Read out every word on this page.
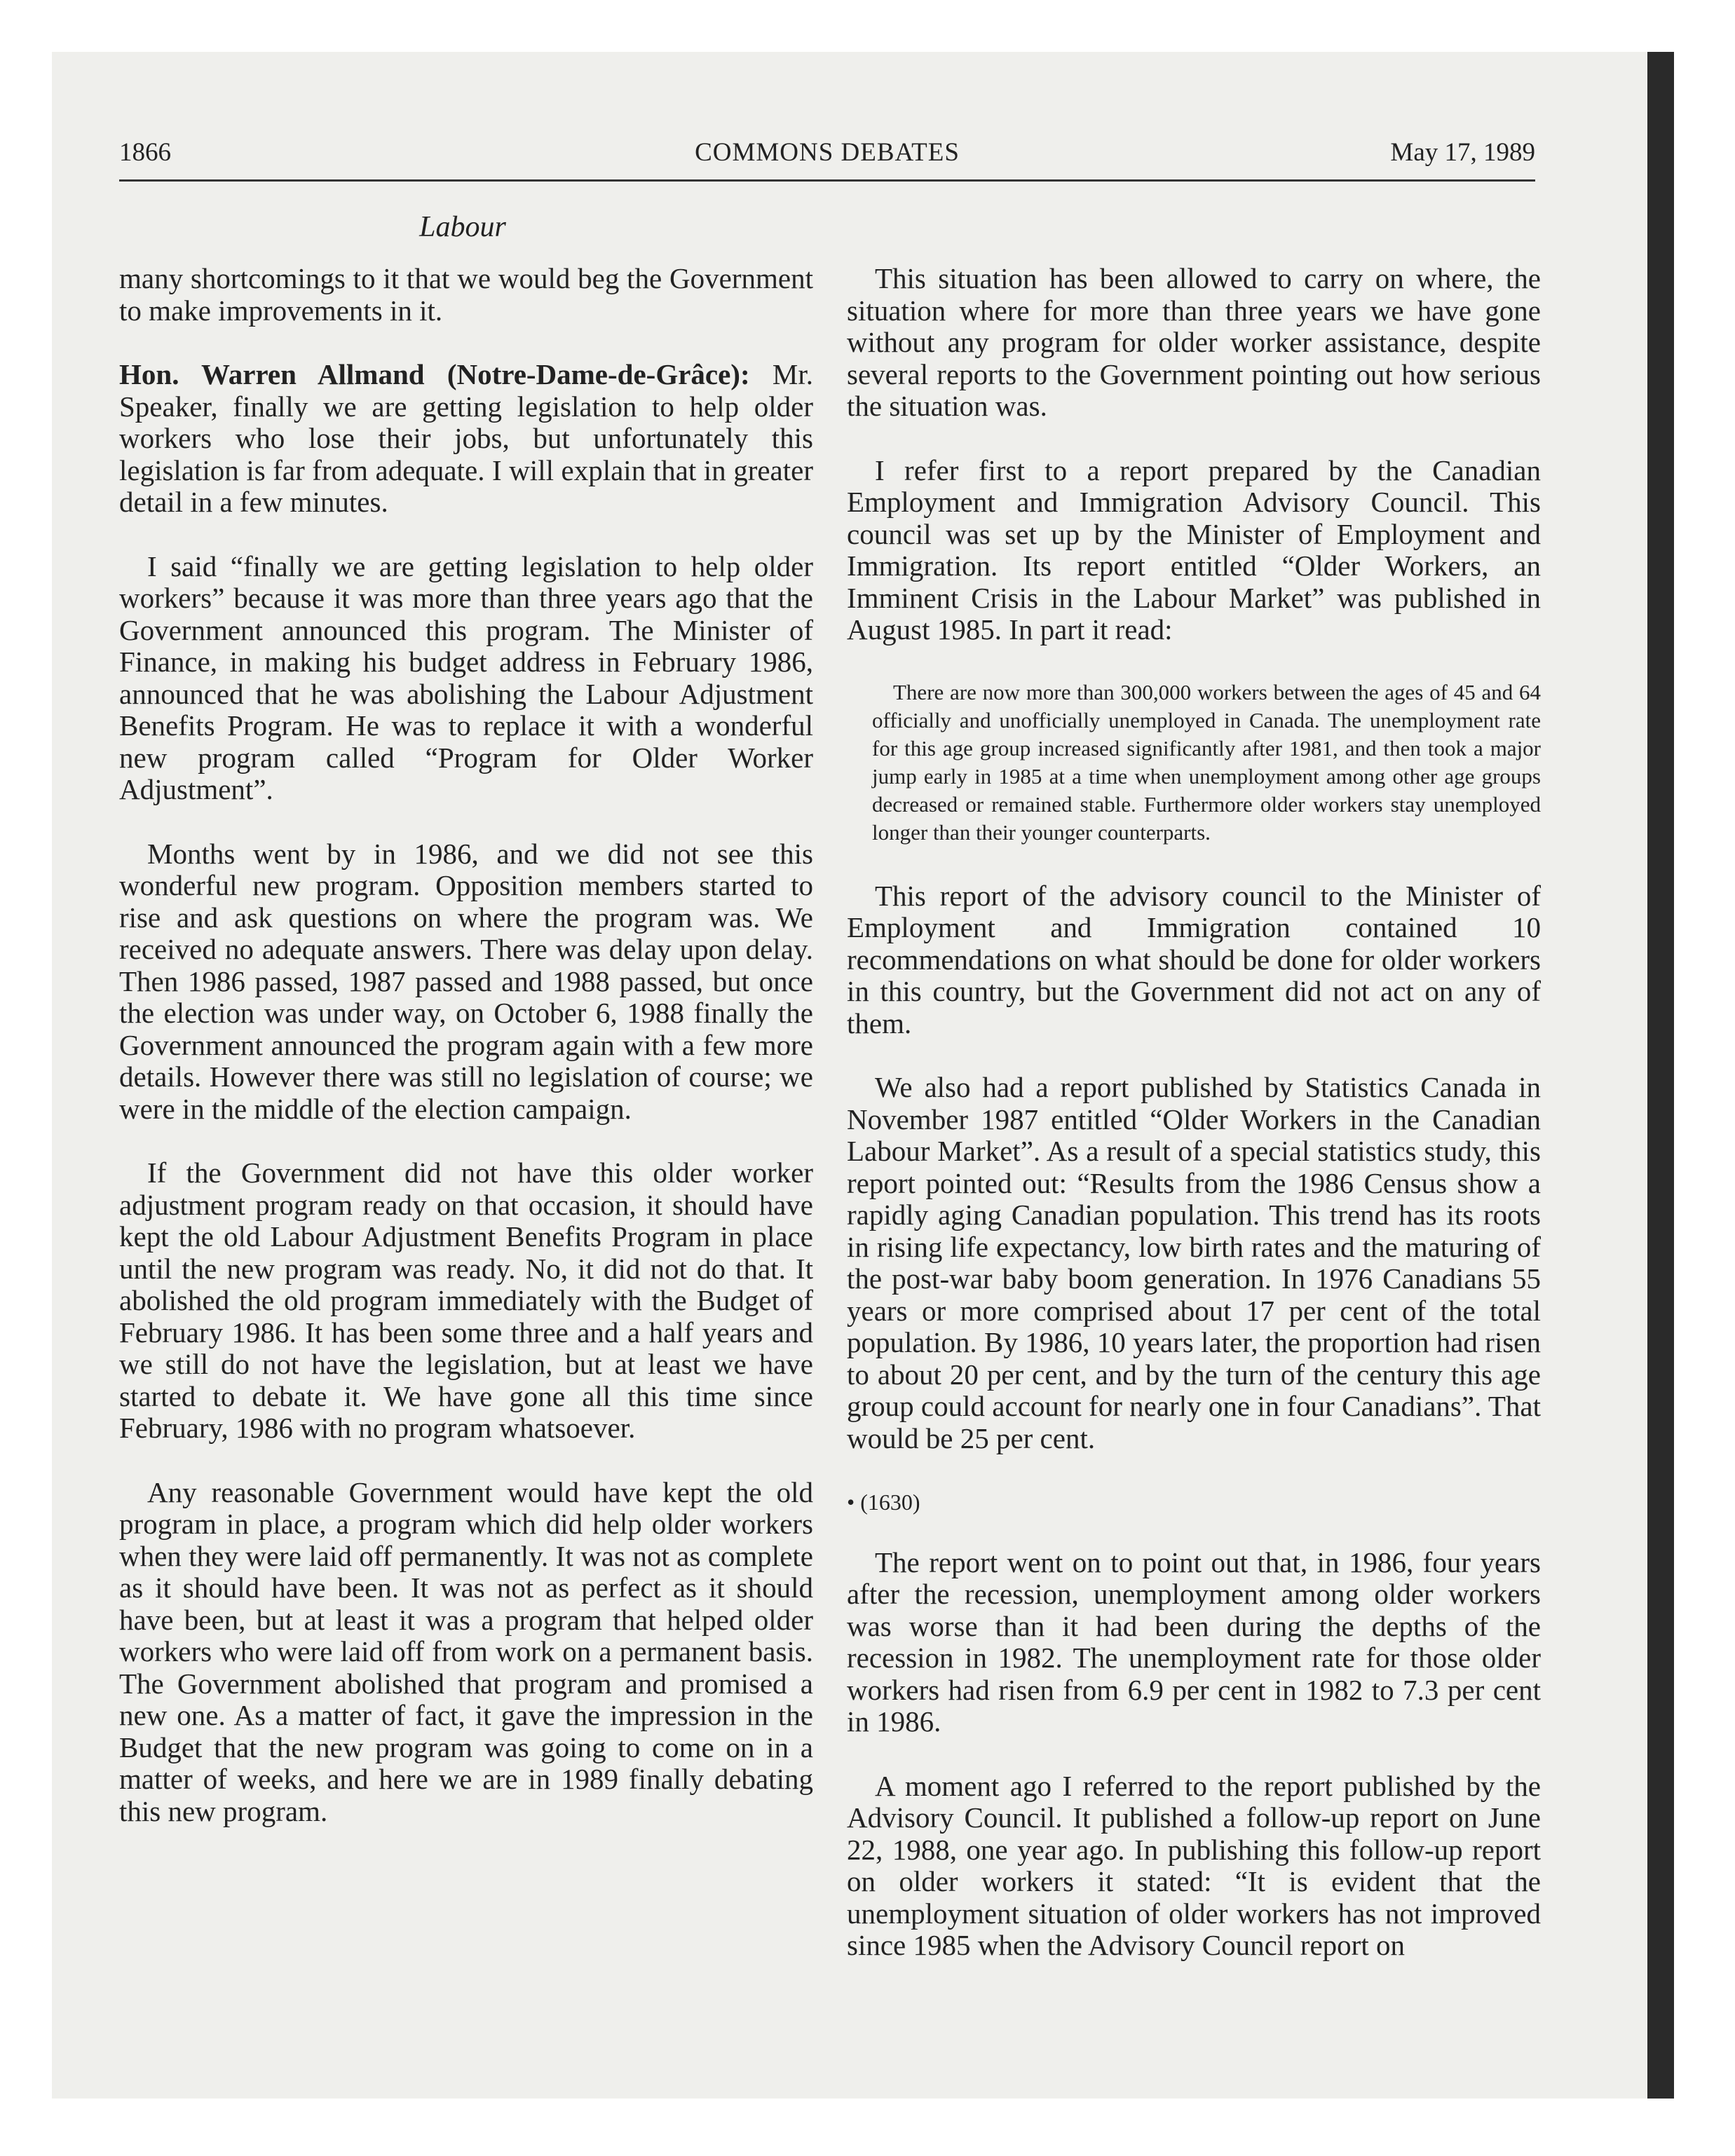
1866	COMMONS DEBATES	May 17, 1989
Labour

many shortcomings to it that we would beg the Government to make improvements in it.

Hon. Warren Allmand (Notre-Dame-de-Grâce): Mr. Speaker, finally we are getting legislation to help older workers who lose their jobs, but unfortunately this legislation is far from adequate. I will explain that in greater detail in a few minutes.

I said “finally we are getting legislation to help older workers” because it was more than three years ago that the Government announced this program. The Minister of Finance, in making his budget address in February 1986, announced that he was abolishing the Labour Adjustment Benefits Program. He was to replace it with a wonderful new program called “Program for Older Worker Adjustment”.

Months went by in 1986, and we did not see this wonderful new program. Opposition members started to rise and ask questions on where the program was. We received no adequate answers. There was delay upon delay. Then 1986 passed, 1987 passed and 1988 passed, but once the election was under way, on October 6, 1988 finally the Government announced the program again with a few more details. However there was still no legislation of course; we were in the middle of the election campaign.

If the Government did not have this older worker adjustment program ready on that occasion, it should have kept the old Labour Adjustment Benefits Program in place until the new program was ready. No, it did not do that. It abolished the old program immediately with the Budget of February 1986. It has been some three and a half years and we still do not have the legislation, but at least we have started to debate it. We have gone all this time since February, 1986 with no program whatsoever.

Any reasonable Government would have kept the old program in place, a program which did help older workers when they were laid off permanently. It was not as complete as it should have been. It was not as perfect as it should have been, but at least it was a program that helped older workers who were laid off from work on a permanent basis. The Government abolished that program and promised a new one. As a matter of fact, it gave the impression in the Budget that the new program was going to come on in a matter of weeks, and here we are in 1989 finally debating this new program.

This situation has been allowed to carry on where, the situation where for more than three years we have gone without any program for older worker assistance, despite several reports to the Government pointing out how serious the situation was.

I refer first to a report prepared by the Canadian Employment and Immigration Advisory Council. This council was set up by the Minister of Employment and Immigration. Its report entitled “Older Workers, an Imminent Crisis in the Labour Market” was published in August 1985. In part it read:

There are now more than 300,000 workers between the ages of 45 and 64 officially and unofficially unemployed in Canada. The unemployment rate for this age group increased significantly after 1981, and then took a major jump early in 1985 at a time when unemployment among other age groups decreased or remained stable. Furthermore older workers stay unemployed longer than their younger counterparts.

This report of the advisory council to the Minister of Employment and Immigration contained 10 recommendations on what should be done for older workers in this country, but the Government did not act on any of them.

We also had a report published by Statistics Canada in November 1987 entitled “Older Workers in the Canadian Labour Market”. As a result of a special statistics study, this report pointed out: “Results from the 1986 Census show a rapidly aging Canadian population. This trend has its roots in rising life expectancy, low birth rates and the maturing of the post-war baby boom generation. In 1976 Canadians 55 years or more comprised about 17 per cent of the total population. By 1986, 10 years later, the proportion had risen to about 20 per cent, and by the turn of the century this age group could account for nearly one in four Canadians”. That would be 25 per cent.

• (1630)

The report went on to point out that, in 1986, four years after the recession, unemployment among older workers was worse than it had been during the depths of the recession in 1982. The unemployment rate for those older workers had risen from 6.9 per cent in 1982 to 7.3 per cent in 1986.

A moment ago I referred to the report published by the Advisory Council. It published a follow-up report on June 22, 1988, one year ago. In publishing this follow-up report on older workers it stated: “It is evident that the unemployment situation of older workers has not improved since 1985 when the Advisory Council report on
